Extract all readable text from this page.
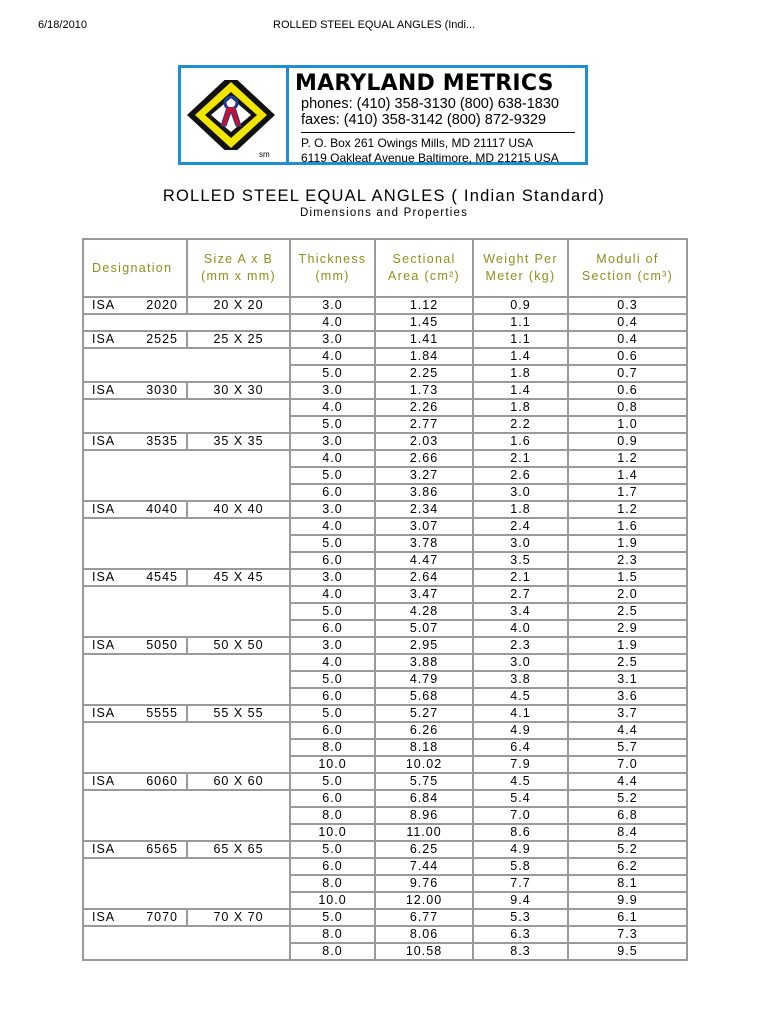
6/18/2010	ROLLED STEEL EQUAL ANGLES (Indi...
sm
MARYLAND METRICS
phones: (410) 358-3130 (800) 638-1830
faxes: (410) 358-3142 (800) 872-9329
P. O. Box 261 Owings Mills, MD 21117 USA
6119 Oakleaf Avenue Baltimore, MD 21215 USA
ROLLED STEEL EQUAL ANGLES ( Indian Standard)
Dimensions and Properties
Designation	Size A x B (mm x mm)	Thickness (mm)	Sectional Area (cm²)	Weight Per Meter (kg)	Moduli of Section (cm³)

ISA 2020	20 X 20	3.0	1.12	0.9	0.3
		4.0	1.45	1.1	0.4

ISA 2525	25 X 25	3.0	1.41	1.1	0.4
		4.0	1.84	1.4	0.6
		5.0	2.25	1.8	0.7

ISA 3030	30 X 30	3.0	1.73	1.4	0.6
		4.0	2.26	1.8	0.8
		5.0	2.77	2.2	1.0

ISA 3535	35 X 35	3.0	2.03	1.6	0.9
		4.0	2.66	2.1	1.2
		5.0	3.27	2.6	1.4
		6.0	3.86	3.0	1.7

ISA 4040	40 X 40	3.0	2.34	1.8	1.2
		4.0	3.07	2.4	1.6
		5.0	3.78	3.0	1.9
		6.0	4.47	3.5	2.3

ISA 4545	45 X 45	3.0	2.64	2.1	1.5
		4.0	3.47	2.7	2.0
		5.0	4.28	3.4	2.5
		6.0	5.07	4.0	2.9

ISA 5050	50 X 50	3.0	2.95	2.3	1.9
		4.0	3.88	3.0	2.5
		5.0	4.79	3.8	3.1
		6.0	5.68	4.5	3.6

ISA 5555	55 X 55	5.0	5.27	4.1	3.7
		6.0	6.26	4.9	4.4
		8.0	8.18	6.4	5.7
		10.0	10.02	7.9	7.0

ISA 6060	60 X 60	5.0	5.75	4.5	4.4
		6.0	6.84	5.4	5.2
		8.0	8.96	7.0	6.8
		10.0	11.00	8.6	8.4

ISA 6565	65 X 65	5.0	6.25	4.9	5.2
		6.0	7.44	5.8	6.2
		8.0	9.76	7.7	8.1
		10.0	12.00	9.4	9.9

ISA 7070	70 X 70	5.0	6.77	5.3	6.1
		8.0	8.06	6.3	7.3
		8.0	10.58	8.3	9.5
